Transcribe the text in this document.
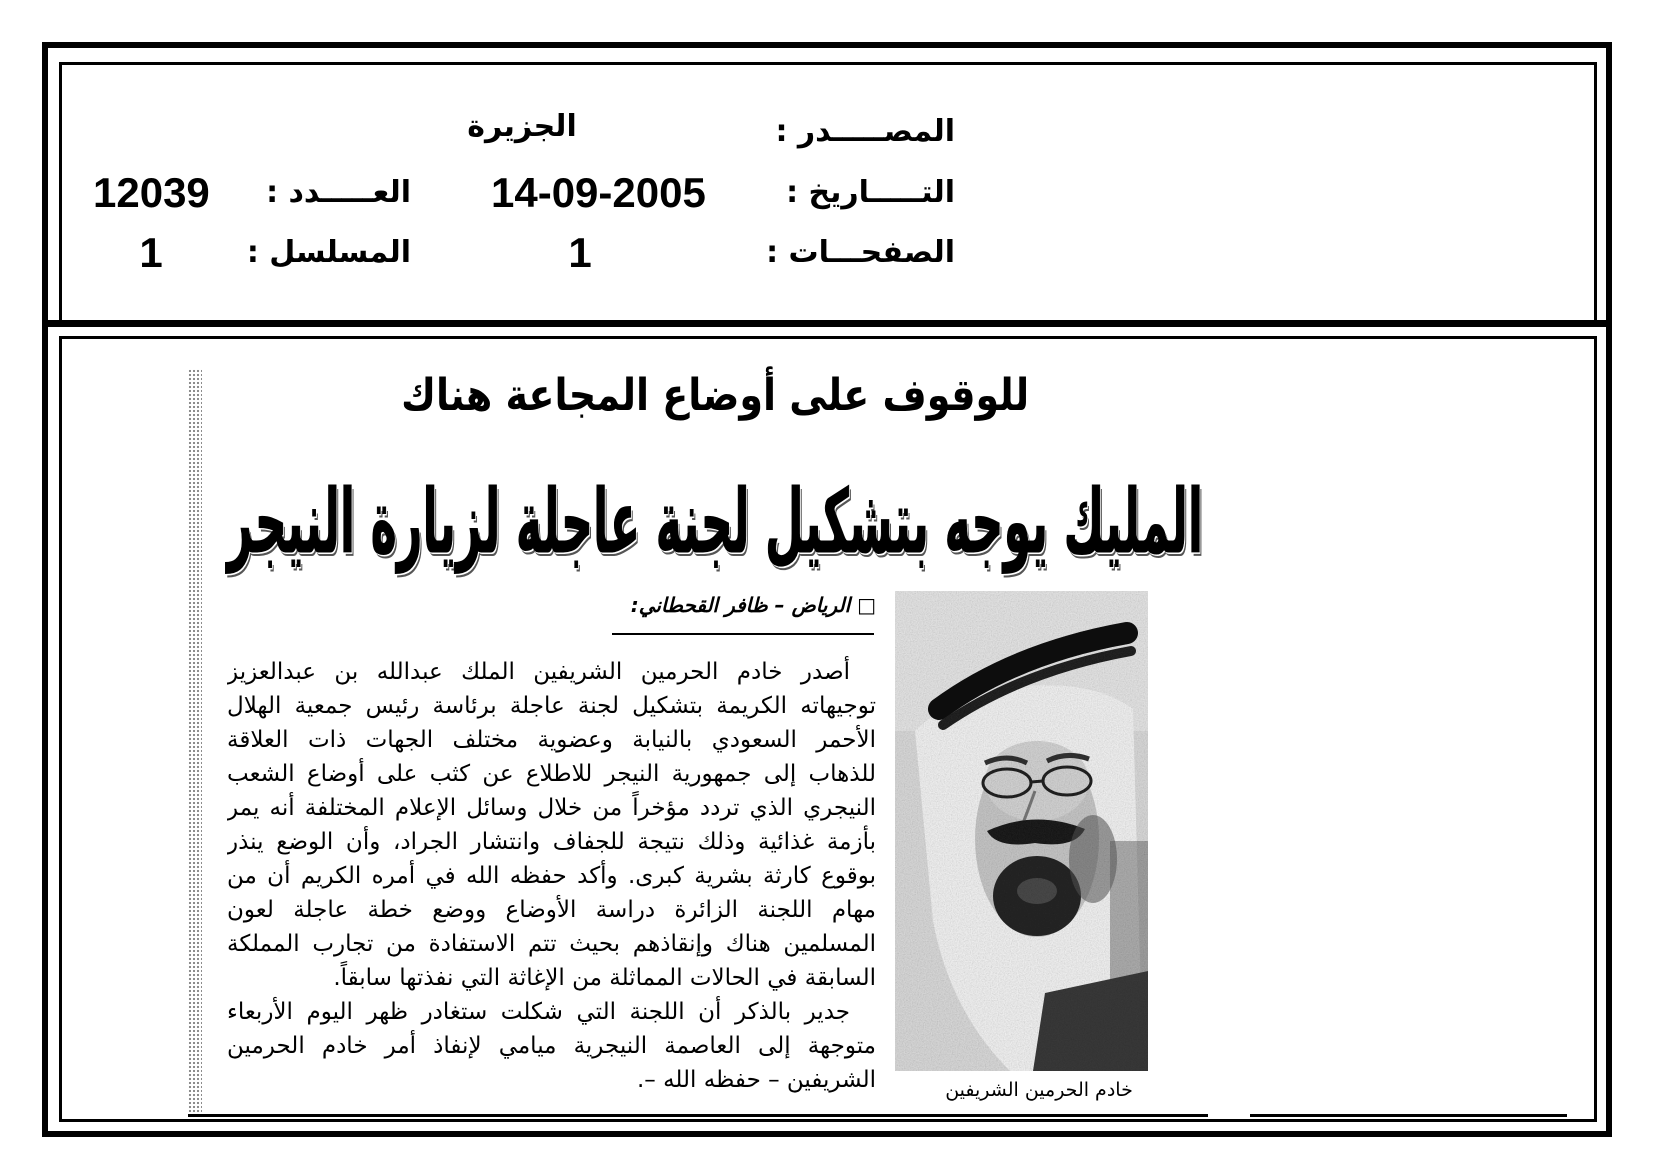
المصـــــدر :
الجزيرة
التـــــاريخ :
14-09-2005
العـــــدد :
12039
الصفحـــات :
1
المسلسل :
1
للوقوف على أوضاع المجاعة هناك
المليك يوجه بتشكيل لجنة عاجلة لزيارة النيجر
□ الرياض – ظافر القحطاني:
أصدر خادم الحرمين الشريفين الملك عبدالله بن عبدالعزيز
توجيهاته الكريمة بتشكيل لجنة عاجلة برئاسة رئيس جمعية الهلال
الأحمر السعودي بالنيابة وعضوية مختلف الجهات ذات العلاقة
للذهاب إلى جمهورية النيجر للاطلاع عن كثب على أوضاع الشعب
النيجري الذي تردد مؤخراً من خلال وسائل الإعلام المختلفة أنه يمر
بأزمة غذائية وذلك نتيجة للجفاف وانتشار الجراد، وأن الوضع ينذر
بوقوع كارثة بشرية كبرى. وأكد حفظه الله في أمره الكريم أن من
مهام اللجنة الزائرة دراسة الأوضاع ووضع خطة عاجلة لعون
المسلمين هناك وإنقاذهم بحيث تتم الاستفادة من تجارب المملكة
السابقة في الحالات المماثلة من الإغاثة التي نفذتها سابقاً.
جدير بالذكر أن اللجنة التي شكلت ستغادر ظهر اليوم الأربعاء
متوجهة إلى العاصمة النيجرية ميامي لإنفاذ أمر خادم الحرمين
الشريفين – حفظه الله –.	خادم الحرمين الشريفين
